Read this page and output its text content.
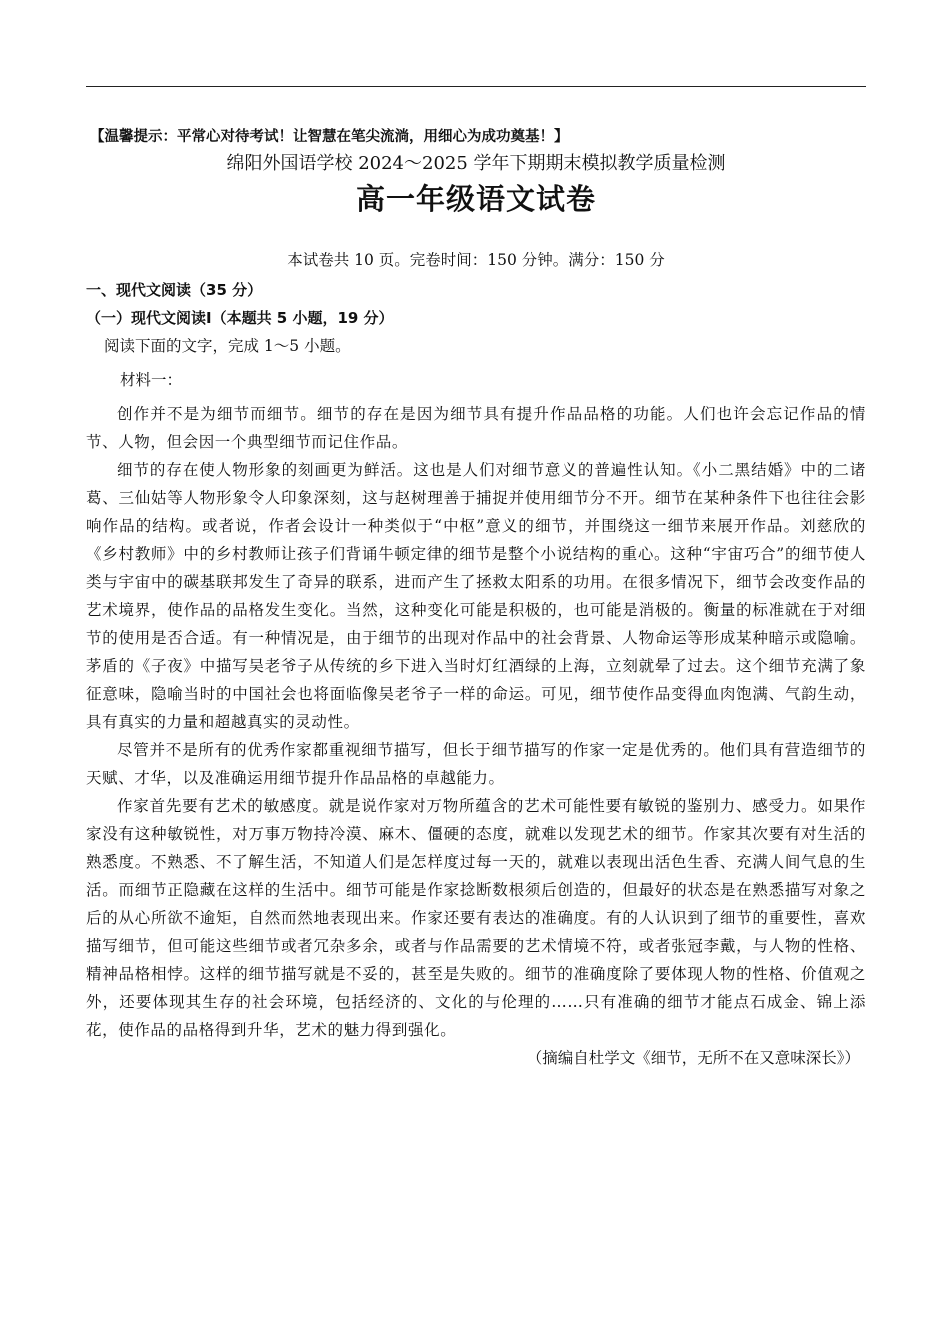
【温馨提示：平常心对待考试！让智慧在笔尖流淌，用细心为成功奠基！】

绵阳外国语学校 2024～2025 学年下期期末模拟教学质量检测

高一年级语文试卷

本试卷共 10 页。完卷时间：150 分钟。满分：150 分

一、现代文阅读（35 分）

（一）现代文阅读Ⅰ（本题共 5 小题，19 分）

阅读下面的文字，完成 1～5 小题。

材料一：

创作并不是为细节而细节。细节的存在是因为细节具有提升作品品格的功能。人们也许会忘记作品的情节、人物，但会因一个典型细节而记住作品。

细节的存在使人物形象的刻画更为鲜活。这也是人们对细节意义的普遍性认知。《小二黑结婚》中的二诸葛、三仙姑等人物形象令人印象深刻，这与赵树理善于捕捉并使用细节分不开。细节在某种条件下也往往会影响作品的结构。或者说，作者会设计一种类似于“中枢”意义的细节，并围绕这一细节来展开作品。刘慈欣的《乡村教师》中的乡村教师让孩子们背诵牛顿定律的细节是整个小说结构的重心。这种“宇宙巧合”的细节使人类与宇宙中的碳基联邦发生了奇异的联系，进而产生了拯救太阳系的功用。在很多情况下，细节会改变作品的艺术境界，使作品的品格发生变化。当然，这种变化可能是积极的，也可能是消极的。衡量的标准就在于对细节的使用是否合适。有一种情况是，由于细节的出现对作品中的社会背景、人物命运等形成某种暗示或隐喻。茅盾的《子夜》中描写吴老爷子从传统的乡下进入当时灯红酒绿的上海，立刻就晕了过去。这个细节充满了象征意味，隐喻当时的中国社会也将面临像吴老爷子一样的命运。可见，细节使作品变得血肉饱满、气韵生动，具有真实的力量和超越真实的灵动性。

尽管并不是所有的优秀作家都重视细节描写，但长于细节描写的作家一定是优秀的。他们具有营造细节的天赋、才华，以及准确运用细节提升作品品格的卓越能力。

作家首先要有艺术的敏感度。就是说作家对万物所蕴含的艺术可能性要有敏锐的鉴别力、感受力。如果作家没有这种敏锐性，对万事万物持冷漠、麻木、僵硬的态度，就难以发现艺术的细节。作家其次要有对生活的熟悉度。不熟悉、不了解生活，不知道人们是怎样度过每一天的，就难以表现出活色生香、充满人间气息的生活。而细节正隐藏在这样的生活中。细节可能是作家捻断数根须后创造的，但最好的状态是在熟悉描写对象之后的从心所欲不逾矩，自然而然地表现出来。作家还要有表达的准确度。有的人认识到了细节的重要性，喜欢描写细节，但可能这些细节或者冗杂多余，或者与作品需要的艺术情境不符，或者张冠李戴，与人物的性格、精神品格相悖。这样的细节描写就是不妥的，甚至是失败的。细节的准确度除了要体现人物的性格、价值观之外，还要体现其生存的社会环境，包括经济的、文化的与伦理的……只有准确的细节才能点石成金、锦上添花，使作品的品格得到升华，艺术的魅力得到强化。

（摘编自杜学文《细节，无所不在又意味深长》）
